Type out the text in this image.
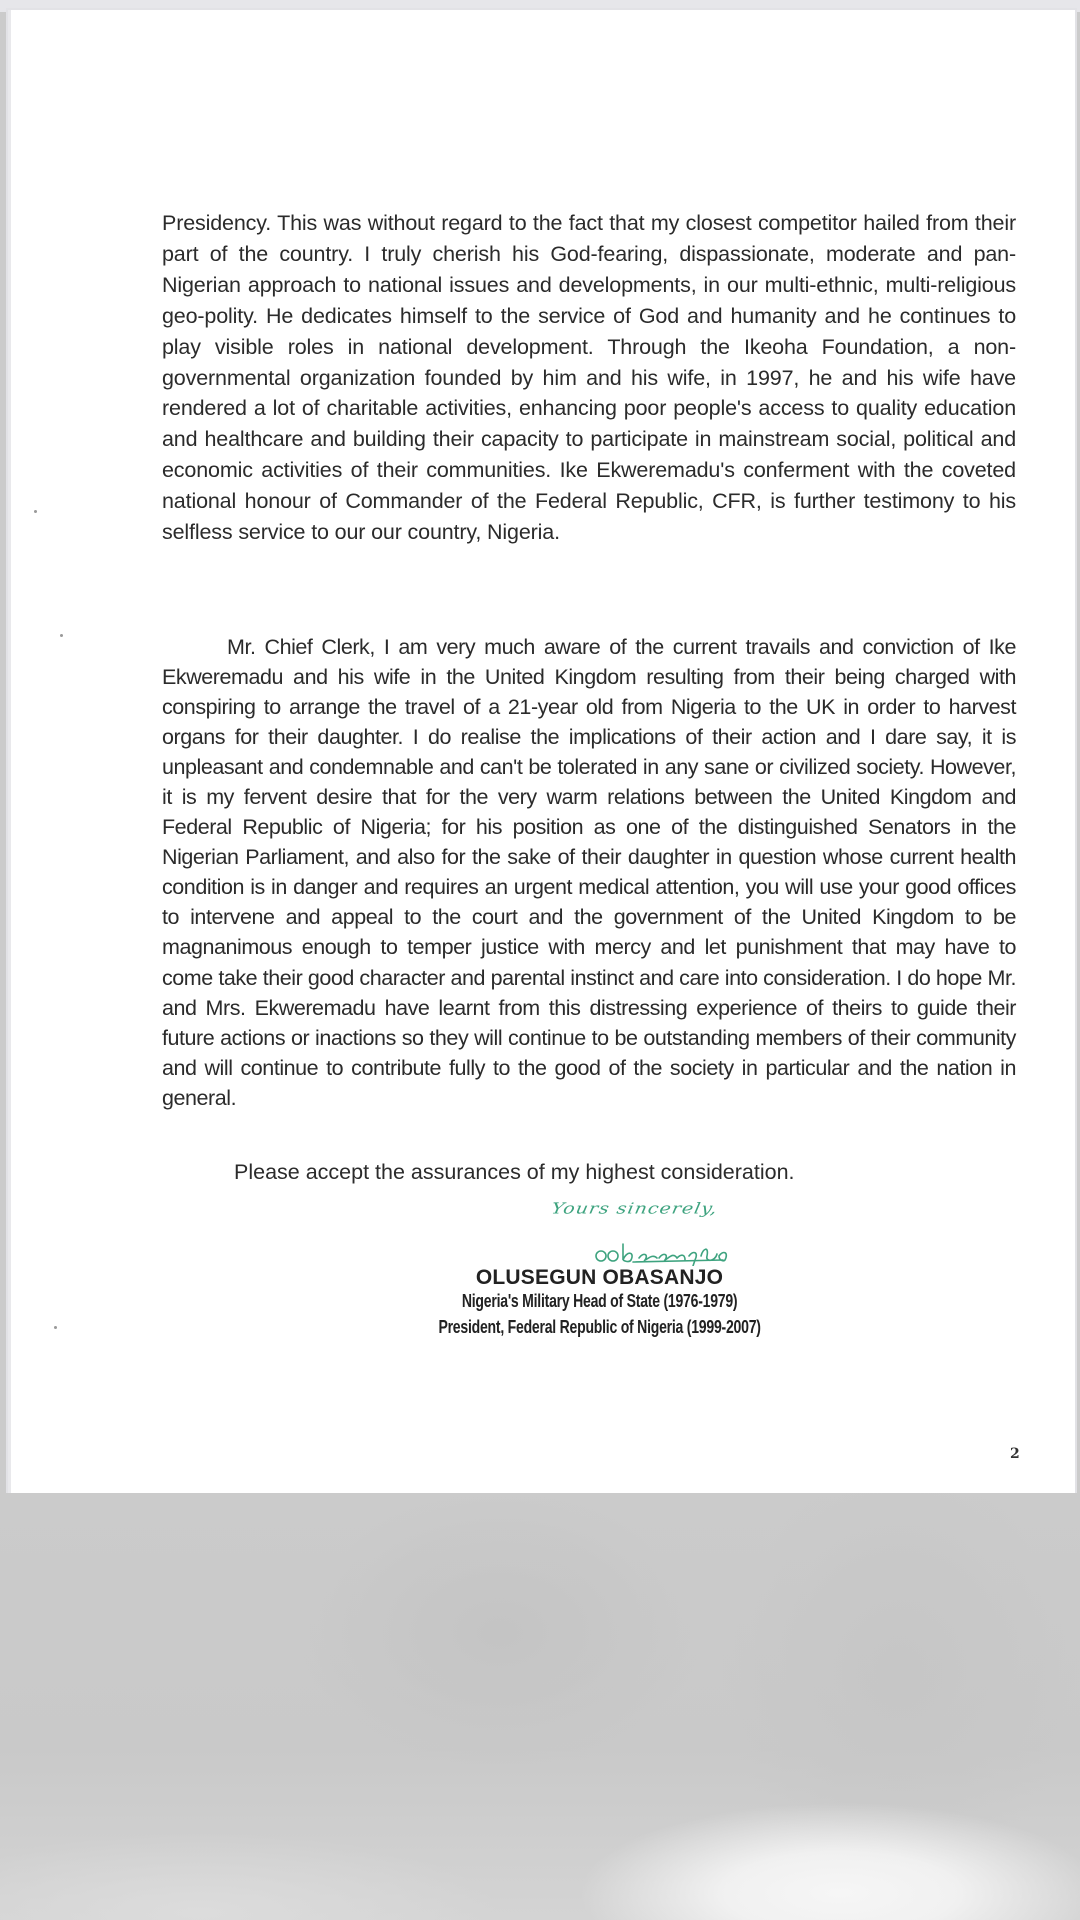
Presidency. This was without regard to the fact that my closest competitor hailed from their part of the country. I truly cherish his God-fearing, dispassionate, moderate and pan-Nigerian approach to national issues and developments, in our multi-ethnic, multi-religious geo-polity. He dedicates himself to the service of God and humanity and he continues to play visible roles in national development. Through the Ikeoha Foundation, a non-governmental organization founded by him and his wife, in 1997, he and his wife have rendered a lot of charitable activities, enhancing poor people's access to quality education and healthcare and building their capacity to participate in mainstream social, political and economic activities of their communities. Ike Ekweremadu's conferment with the coveted national honour of Commander of the Federal Republic, CFR, is further testimony to his selfless service to our our country, Nigeria.

Mr. Chief Clerk, I am very much aware of the current travails and conviction of Ike Ekweremadu and his wife in the United Kingdom resulting from their being charged with conspiring to arrange the travel of a 21-year old from Nigeria to the UK in order to harvest organs for their daughter. I do realise the implications of their action and I dare say, it is unpleasant and condemnable and can't be tolerated in any sane or civilized society. However, it is my fervent desire that for the very warm relations between the United Kingdom and Federal Republic of Nigeria; for his position as one of the distinguished Senators in the Nigerian Parliament, and also for the sake of their daughter in question whose current health condition is in danger and requires an urgent medical attention, you will use your good offices to intervene and appeal to the court and the government of the United Kingdom to be magnanimous enough to temper justice with mercy and let punishment that may have to come take their good character and parental instinct and care into consideration. I do hope Mr. and Mrs. Ekweremadu have learnt from this distressing experience of theirs to guide their future actions or inactions so they will continue to be outstanding members of their community and will continue to contribute fully to the good of the society in particular and the nation in general.

Please accept the assurances of my highest consideration.

Yours sincerely,

OLUSEGUN OBASANJO

Nigeria's Military Head of State (1976-1979)

President, Federal Republic of Nigeria (1999-2007)

2
